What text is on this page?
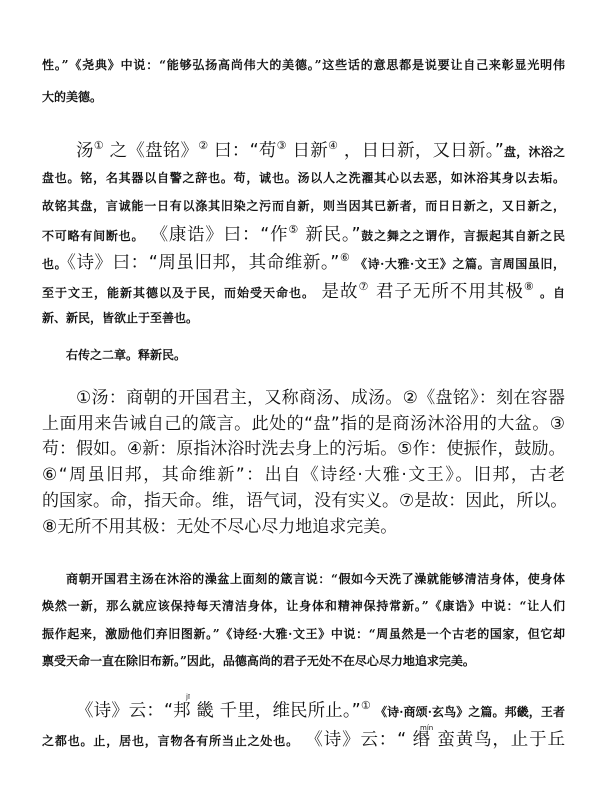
性。”《尧典》中说：“能够弘扬高尚伟大的美德。”这些话的意思都是说要让自己来彰显光明伟
大的美德。
汤① 之《盘铭》② 曰：“苟③ 日新④ ，日日新，又日新。”盘，沐浴之
盘也。铭，名其器以自警之辞也。苟，诚也。汤以人之洗濯其心以去恶，如沐浴其身以去垢。
故铭其盘，言诚能一日有以涤其旧染之污而自新，则当因其已新者，而日日新之，又日新之，
不可略有间断也。 《康诰》曰：“作⑤ 新民。”鼓之舞之之谓作，言振起其自新之民
也。《诗》曰：“周虽旧邦，其命维新。”⑥ 《诗·大雅·文王》之篇。言周国虽旧，
至于文王，能新其德以及于民，而始受天命也。 是故⑦ 君子无所不用其极⑧ 。自
新、新民，皆欲止于至善也。
右传之二章。释新民。
①汤：商朝的开国君主，又称商汤、成汤。②《盘铭》：刻在容器
上面用来告诫自己的箴言。此处的“盘”指的是商汤沐浴用的大盆。③
苟：假如。④新：原指沐浴时洗去身上的污垢。⑤作：使振作，鼓励。
⑥“周虽旧邦，其命维新”：出自《诗经·大雅·文王》。旧邦，古老
的国家。命，指天命。维，语气词，没有实义。⑦是故：因此，所以。
⑧无所不用其极：无处不尽心尽力地追求完美。
商朝开国君主汤在沐浴的澡盆上面刻的箴言说：“假如今天洗了澡就能够清洁身体，使身体
焕然一新，那么就应该保持每天清洁身体，让身体和精神保持常新。”《康诰》中说：“让人们
振作起来，激励他们弃旧图新。”《诗经·大雅·文王》中说：“周虽然是一个古老的国家，但它却
禀受天命一直在除旧布新。”因此，品德高尚的君子无处不在尽心尽力地追求完美。
《诗》云：“邦 畿 千里，维民所止。”① 《诗·商颂·玄鸟》之篇。邦畿，王者
之都也。止，居也，言物各有所当止之处也。 《诗》云：“ 缗 蛮黄鸟，止于丘
jī
mín
